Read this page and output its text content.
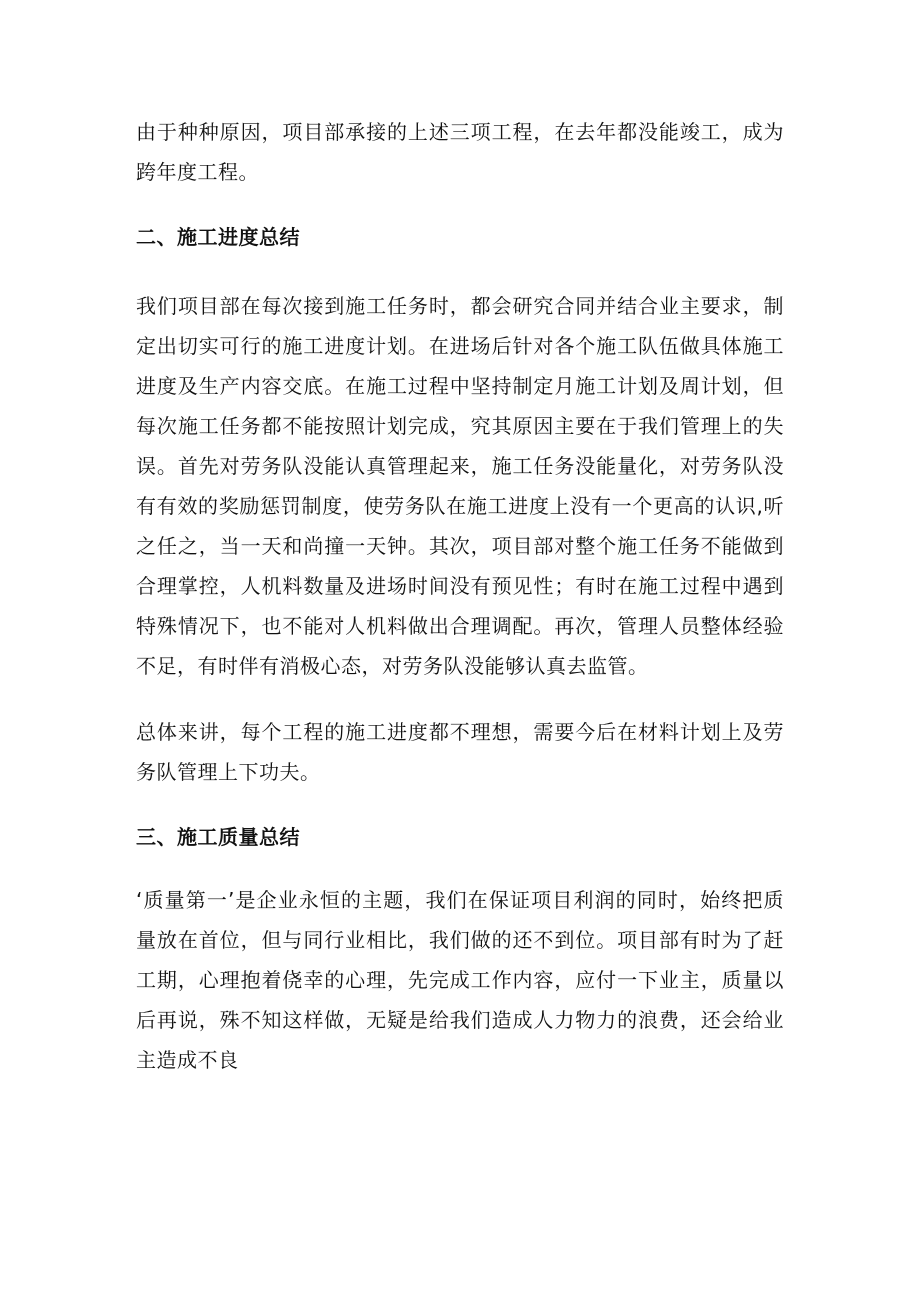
由于种种原因，项目部承接的上述三项工程，在去年都没能竣工，成为跨年度工程。

二、施工进度总结

我们项目部在每次接到施工任务时，都会研究合同并结合业主要求，制定出切实可行的施工进度计划。在进场后针对各个施工队伍做具体施工进度及生产内容交底。在施工过程中坚持制定月施工计划及周计划，但每次施工任务都不能按照计划完成，究其原因主要在于我们管理上的失误。首先对劳务队没能认真管理起来，施工任务没能量化，对劳务队没有有效的奖励惩罚制度，使劳务队在施工进度上没有一个更高的认识,听之任之，当一天和尚撞一天钟。其次，项目部对整个施工任务不能做到合理掌控，人机料数量及进场时间没有预见性；有时在施工过程中遇到特殊情况下，也不能对人机料做出合理调配。再次，管理人员整体经验不足，有时伴有消极心态，对劳务队没能够认真去监管。

总体来讲，每个工程的施工进度都不理想，需要今后在材料计划上及劳务队管理上下功夫。

三、施工质量总结

‘质量第一’是企业永恒的主题，我们在保证项目利润的同时，始终把质量放在首位，但与同行业相比，我们做的还不到位。项目部有时为了赶工期，心理抱着侥幸的心理，先完成工作内容，应付一下业主，质量以后再说，殊不知这样做，无疑是给我们造成人力物力的浪费，还会给业主造成不良
